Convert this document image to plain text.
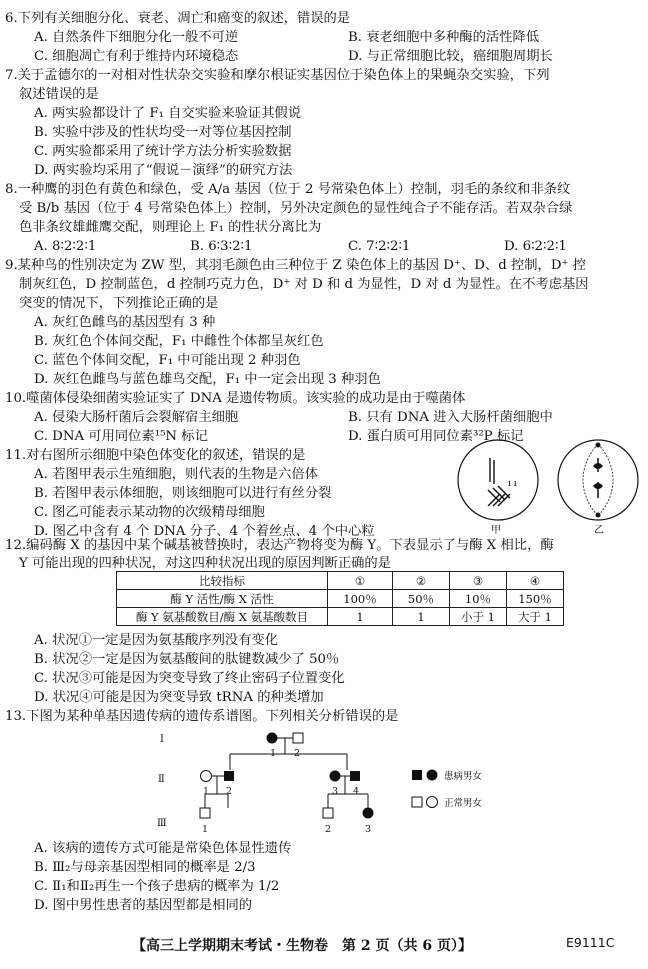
6.下列有关细胞分化、衰老、凋亡和癌变的叙述，错误的是
A. 自然条件下细胞分化一般不可逆	B. 衰老细胞中多种酶的活性降低
C. 细胞凋亡有利于维持内环境稳态	D. 与正常细胞比较，癌细胞周期长
7.关于孟德尔的一对相对性状杂交实验和摩尔根证实基因位于染色体上的果蝇杂交实验，下列
叙述错误的是
A. 两实验都设计了 F₁ 自交实验来验证其假说
B. 实验中涉及的性状均受一对等位基因控制
C. 两实验都采用了统计学方法分析实验数据
D. 两实验均采用了“假说－演绎”的研究方法
8.一种鹰的羽色有黄色和绿色，受 A/a 基因（位于 2 号常染色体上）控制，羽毛的条纹和非条纹
受 B/b 基因（位于 4 号常染色体上）控制，另外决定颜色的显性纯合子不能存活。若双杂合绿
色非条纹雄雌鹰交配，则理论上 F₁ 的性状分离比为
A. 8∶2∶2∶1	B. 6∶3∶2∶1	C. 7∶2∶2∶1	D. 6∶2∶2∶1
9.某种鸟的性别决定为 ZW 型，其羽毛颜色由三种位于 Z 染色体上的基因 D⁺、D、d 控制，D⁺ 控
制灰红色，D 控制蓝色，d 控制巧克力色，D⁺ 对 D 和 d 为显性，D 对 d 为显性。在不考虑基因
突变的情况下，下列推论正确的是
A. 灰红色雌鸟的基因型有 3 种
B. 灰红色个体间交配，F₁ 中雌性个体都呈灰红色
C. 蓝色个体间交配，F₁ 中可能出现 2 种羽色
D. 灰红色雌鸟与蓝色雄鸟交配，F₁ 中一定会出现 3 种羽色
10.噬菌体侵染细菌实验证实了 DNA 是遗传物质。该实验的成功是由于噬菌体
A. 侵染大肠杆菌后会裂解宿主细胞	B. 只有 DNA 进入大肠杆菌细胞中
C. DNA 可用同位素¹⁵N 标记	D. 蛋白质可用同位素³²P 标记
11.对右图所示细胞中染色体变化的叙述，错误的是
A. 若图甲表示生殖细胞，则代表的生物是六倍体
B. 若图甲表示体细胞，则该细胞可以进行有丝分裂
C. 图乙可能表示某动物的次级精母细胞
D. 图乙中含有 4 个 DNA 分子、4 个着丝点、4 个中心粒
ı ı
甲	乙
12.编码酶 X 的基因中某个碱基被替换时，表达产物将变为酶 Y。下表显示了与酶 X 相比，酶
Y 可能出现的四种状况，对这四种状况出现的原因判断正确的是
比较指标	①	②	③	④
酶 Y 活性/酶 X 活性	100％	50％	10％	150％
酶 Y 氨基酸数目/酶 X 氨基酸数目	1	1	小于 1	大于 1
A. 状况①一定是因为氨基酸序列没有变化
B. 状况②一定是因为氨基酸间的肽键数减少了 50％
C. 状况③可能是因为突变导致了终止密码子位置变化
D. 状况④可能是因为突变导致 tRNA 的种类增加
13.下图为某种单基因遗传病的遗传系谱图。下列相关分析错误的是
Ⅰ
Ⅱ
Ⅲ
1 2
1 2	3 4
1	2	3
患病男女
正常男女
A. 该病的遗传方式可能是常染色体显性遗传
B. Ⅲ₂与母亲基因型相同的概率是 2/3
C. Ⅱ₁和Ⅱ₂再生一个孩子患病的概率为 1/2
D. 图中男性患者的基因型都是相同的
【高三上学期期末考试・生物卷　第 2 页（共 6 页）】	E9111C
